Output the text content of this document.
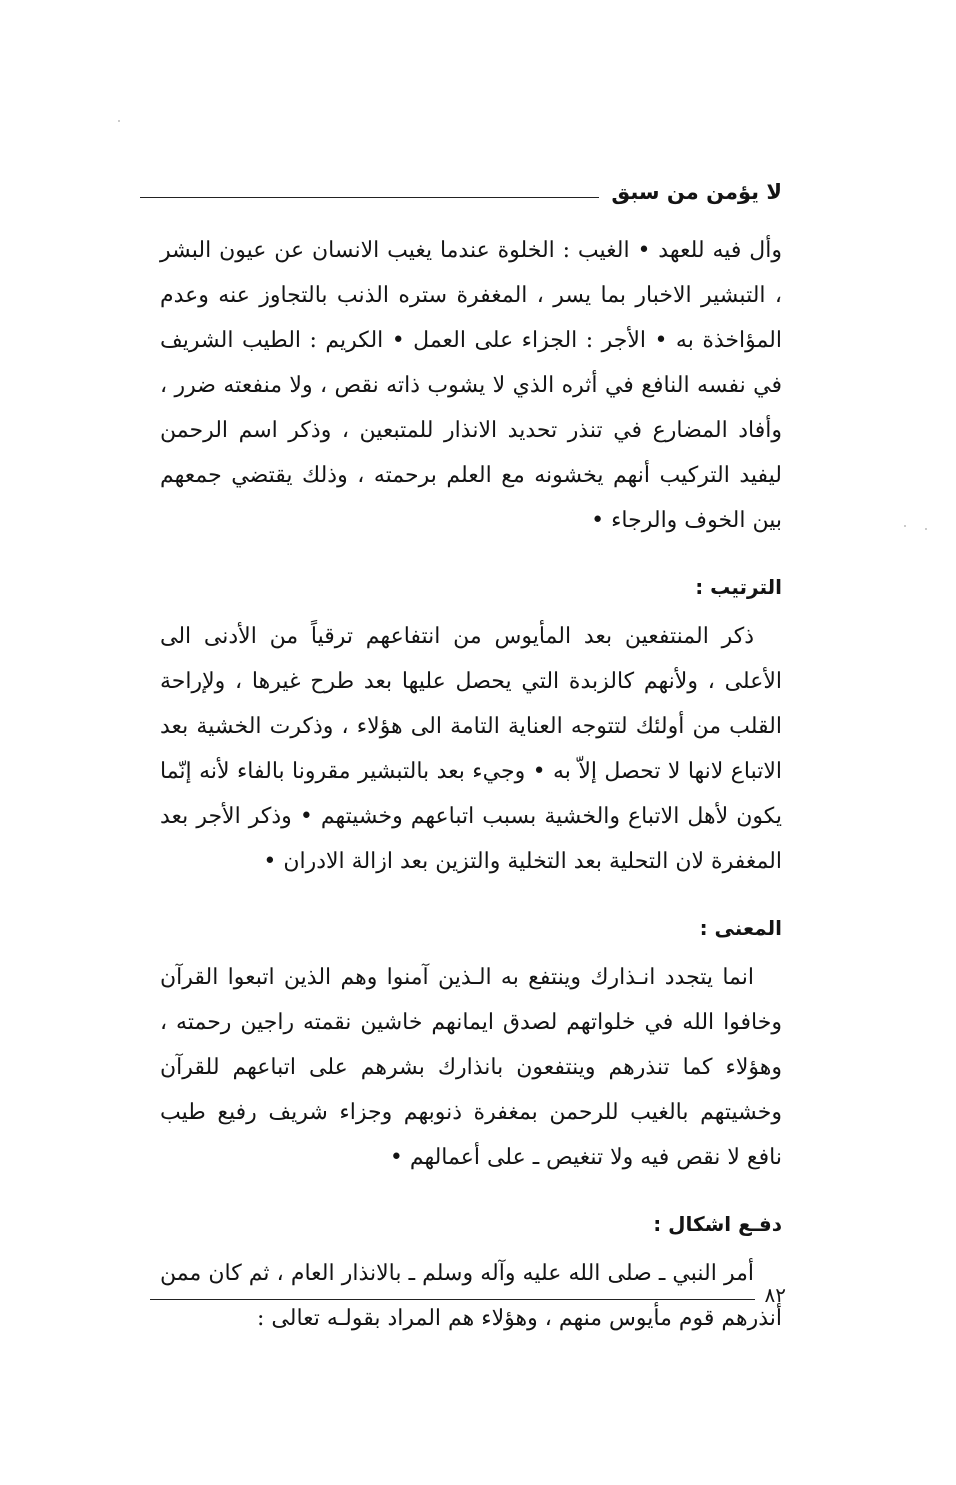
لا يؤمن من سبق

وأل فيه للعهد • الغيب : الخلوة عندما يغيب الانسان عن عيون البشر ، التبشير الاخبار بما يسر ، المغفرة ستره الذنب بالتجاوز عنه وعدم المؤاخذة به • الأجر : الجزاء على العمل • الكريم : الطيب الشريف في نفسه النافع في أثره الذي لا يشوب ذاته نقص ، ولا منفعته ضرر ، وأفاد المضارع في تنذر تحديد الانذار للمتبعين ، وذكر اسم الرحمن ليفيد التركيب أنهم يخشونه مع العلم برحمته ، وذلك يقتضي جمعهم بين الخوف والرجاء •

الترتيب :

ذكر المنتفعين بعد المأيوس من انتفاعهم ترقياً من الأدنى الى الأعلى ، ولأنهم كالزبدة التي يحصل عليها بعد طرح غيرها ، ولإراحة القلب من أولئك لتتوجه العناية التامة الى هؤلاء ، وذكرت الخشية بعد الاتباع لانها لا تحصل إلاّ به • وجيء بعد بالتبشير مقرونا بالفاء لأنه إنّما يكون لأهل الاتباع والخشية بسبب اتباعهم وخشيتهم • وذكر الأجر بعد المغفرة لان التحلية بعد التخلية والتزين بعد ازالة الادران •

المعنى :

انما يتجدد انـذارك وينتفع به الـذين آمنوا وهم الذين اتبعوا القرآن وخافوا الله في خلواتهم لصدق ايمانهم خاشين نقمته راجين رحمته ، وهؤلاء كما تنذرهم وينتفعون بانذارك بشرهم على اتباعهم للقرآن وخشيتهم بالغيب للرحمن بمغفرة ذنوبهم وجزاء شريف رفيع طيب نافع لا نقص فيه ولا تنغيص ـ على أعمالهم •

دفـع اشكال :

أمر النبي ـ صلى الله عليه وآله وسلم ـ بالانذار العام ، ثم كان ممن أنذرهم قوم مأيوس منهم ، وهؤلاء هم المراد بقولـه تعالى :

٨٢
